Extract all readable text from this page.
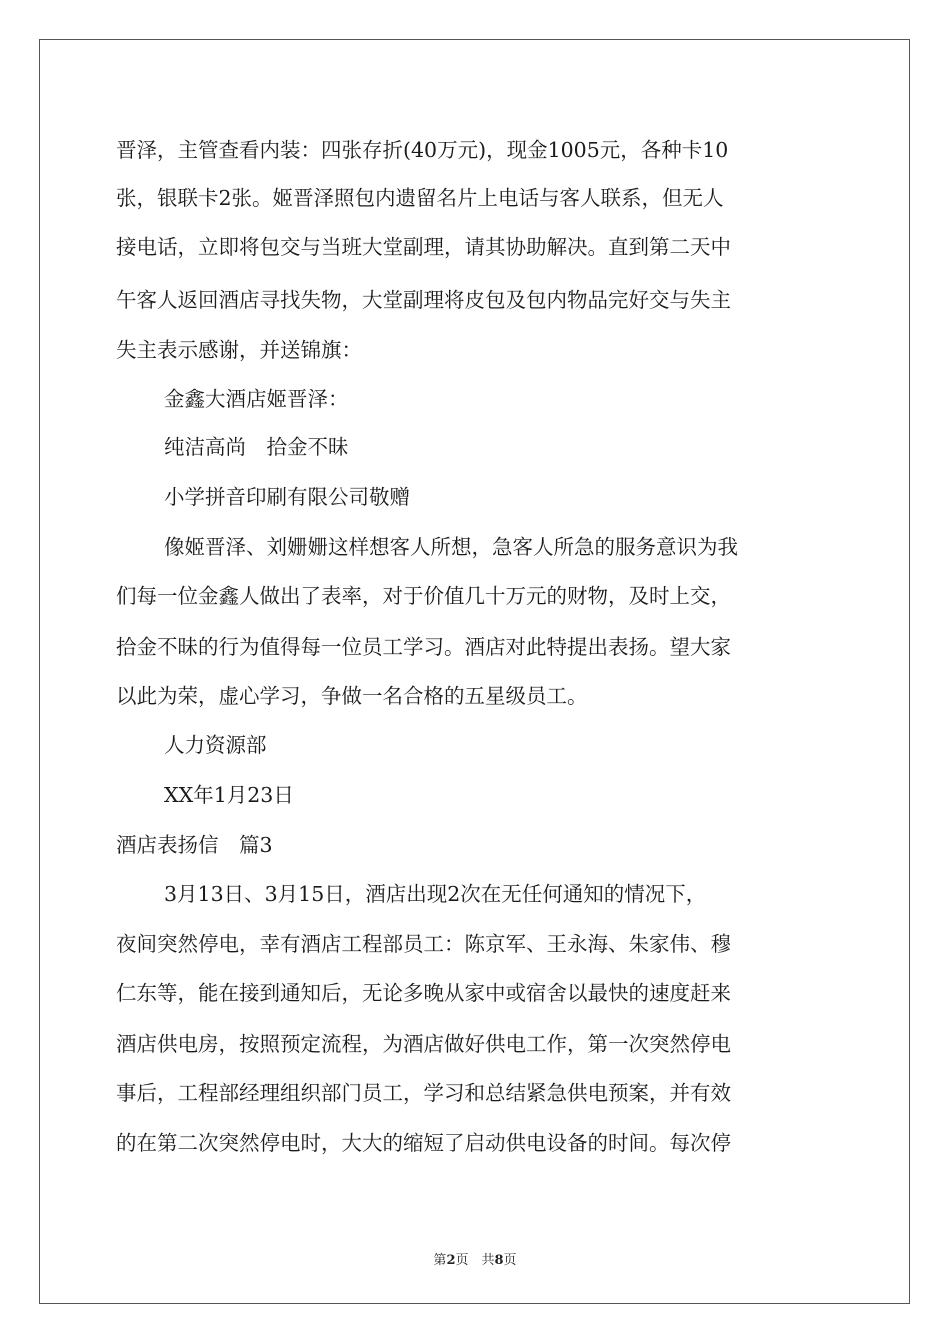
晋泽，主管查看内装：四张存折(40万元)，现金1005元，各种卡10
张，银联卡2张。姬晋泽照包内遗留名片上电话与客人联系，但无人
接电话，立即将包交与当班大堂副理，请其协助解决。直到第二天中
午客人返回酒店寻找失物，大堂副理将皮包及包内物品完好交与失主
失主表示感谢，并送锦旗：
金鑫大酒店姬晋泽：
纯洁高尚　拾金不昧
小学拼音印刷有限公司敬赠
像姬晋泽、刘姗姗这样想客人所想，急客人所急的服务意识为我
们每一位金鑫人做出了表率，对于价值几十万元的财物，及时上交，
拾金不昧的行为值得每一位员工学习。酒店对此特提出表扬。望大家
以此为荣，虚心学习，争做一名合格的五星级员工。
人力资源部
XX年1月23日
酒店表扬信　篇3
3月13日、3月15日，酒店出现2次在无任何通知的情况下，
夜间突然停电，幸有酒店工程部员工：陈京军、王永海、朱家伟、穆
仁东等，能在接到通知后，无论多晚从家中或宿舍以最快的速度赶来
酒店供电房，按照预定流程，为酒店做好供电工作，第一次突然停电
事后，工程部经理组织部门员工，学习和总结紧急供电预案，并有效
的在第二次突然停电时，大大的缩短了启动供电设备的时间。每次停
第2页　共8页
